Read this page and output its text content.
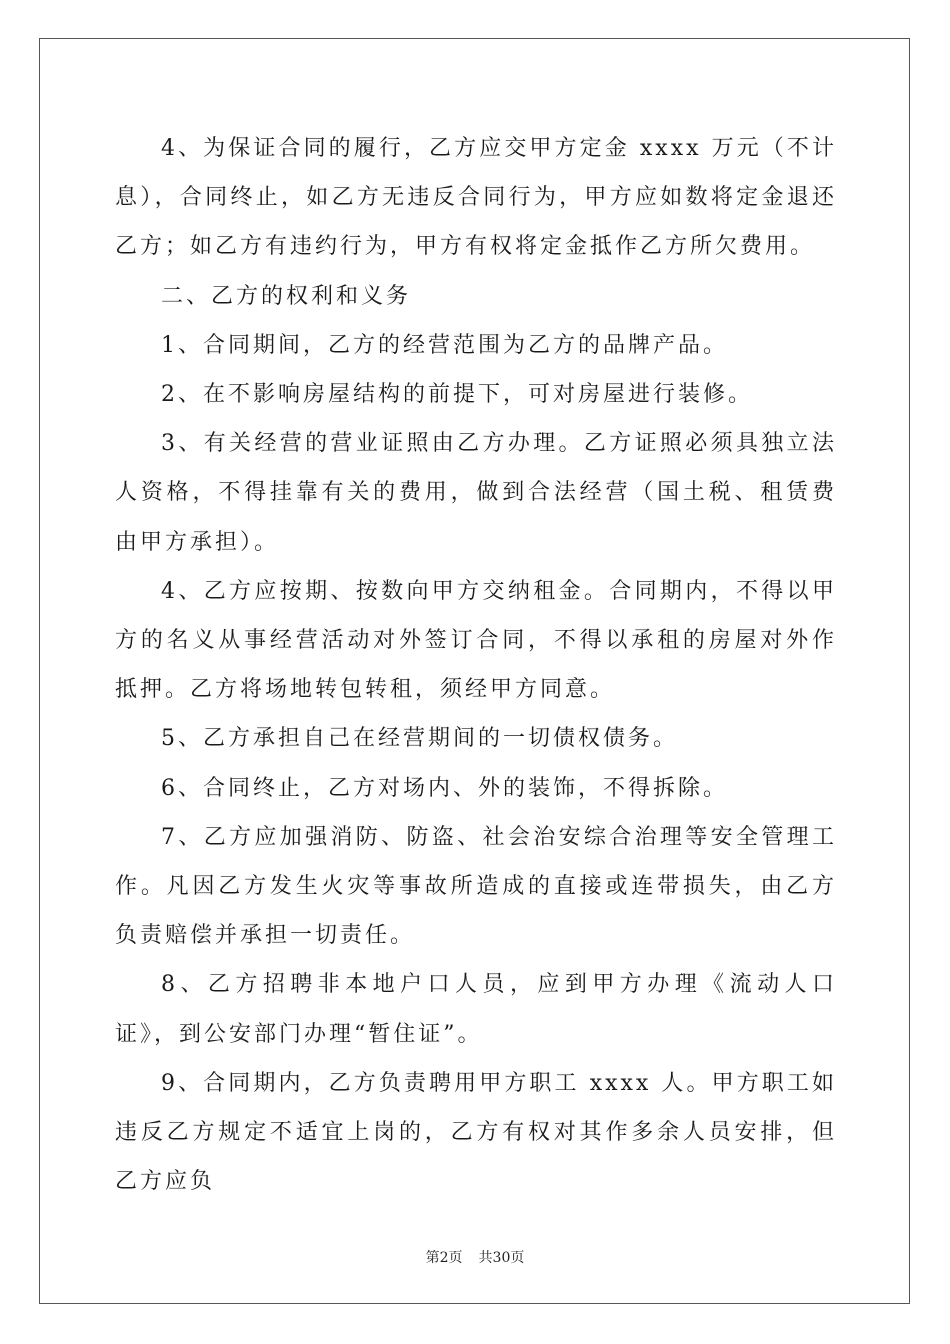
4、为保证合同的履行，乙方应交甲方定金 xxxx 万元（不计息），合同终止，如乙方无违反合同行为，甲方应如数将定金退还乙方；如乙方有违约行为，甲方有权将定金抵作乙方所欠费用。

二、乙方的权利和义务

1、合同期间，乙方的经营范围为乙方的品牌产品。

2、在不影响房屋结构的前提下，可对房屋进行装修。

3、有关经营的营业证照由乙方办理。乙方证照必须具独立法人资格，不得挂靠有关的费用，做到合法经营（国土税、租赁费由甲方承担）。

4、乙方应按期、按数向甲方交纳租金。合同期内，不得以甲方的名义从事经营活动对外签订合同，不得以承租的房屋对外作抵押。乙方将场地转包转租，须经甲方同意。

5、乙方承担自己在经营期间的一切债权债务。

6、合同终止，乙方对场内、外的装饰，不得拆除。

7、乙方应加强消防、防盗、社会治安综合治理等安全管理工作。凡因乙方发生火灾等事故所造成的直接或连带损失，由乙方负责赔偿并承担一切责任。

8、乙方招聘非本地户口人员，应到甲方办理《流动人口证》，到公安部门办理“暂住证”。

9、合同期内，乙方负责聘用甲方职工 xxxx 人。甲方职工如违反乙方规定不适宜上岗的，乙方有权对其作多余人员安排，但乙方应负

第2页 共30页
